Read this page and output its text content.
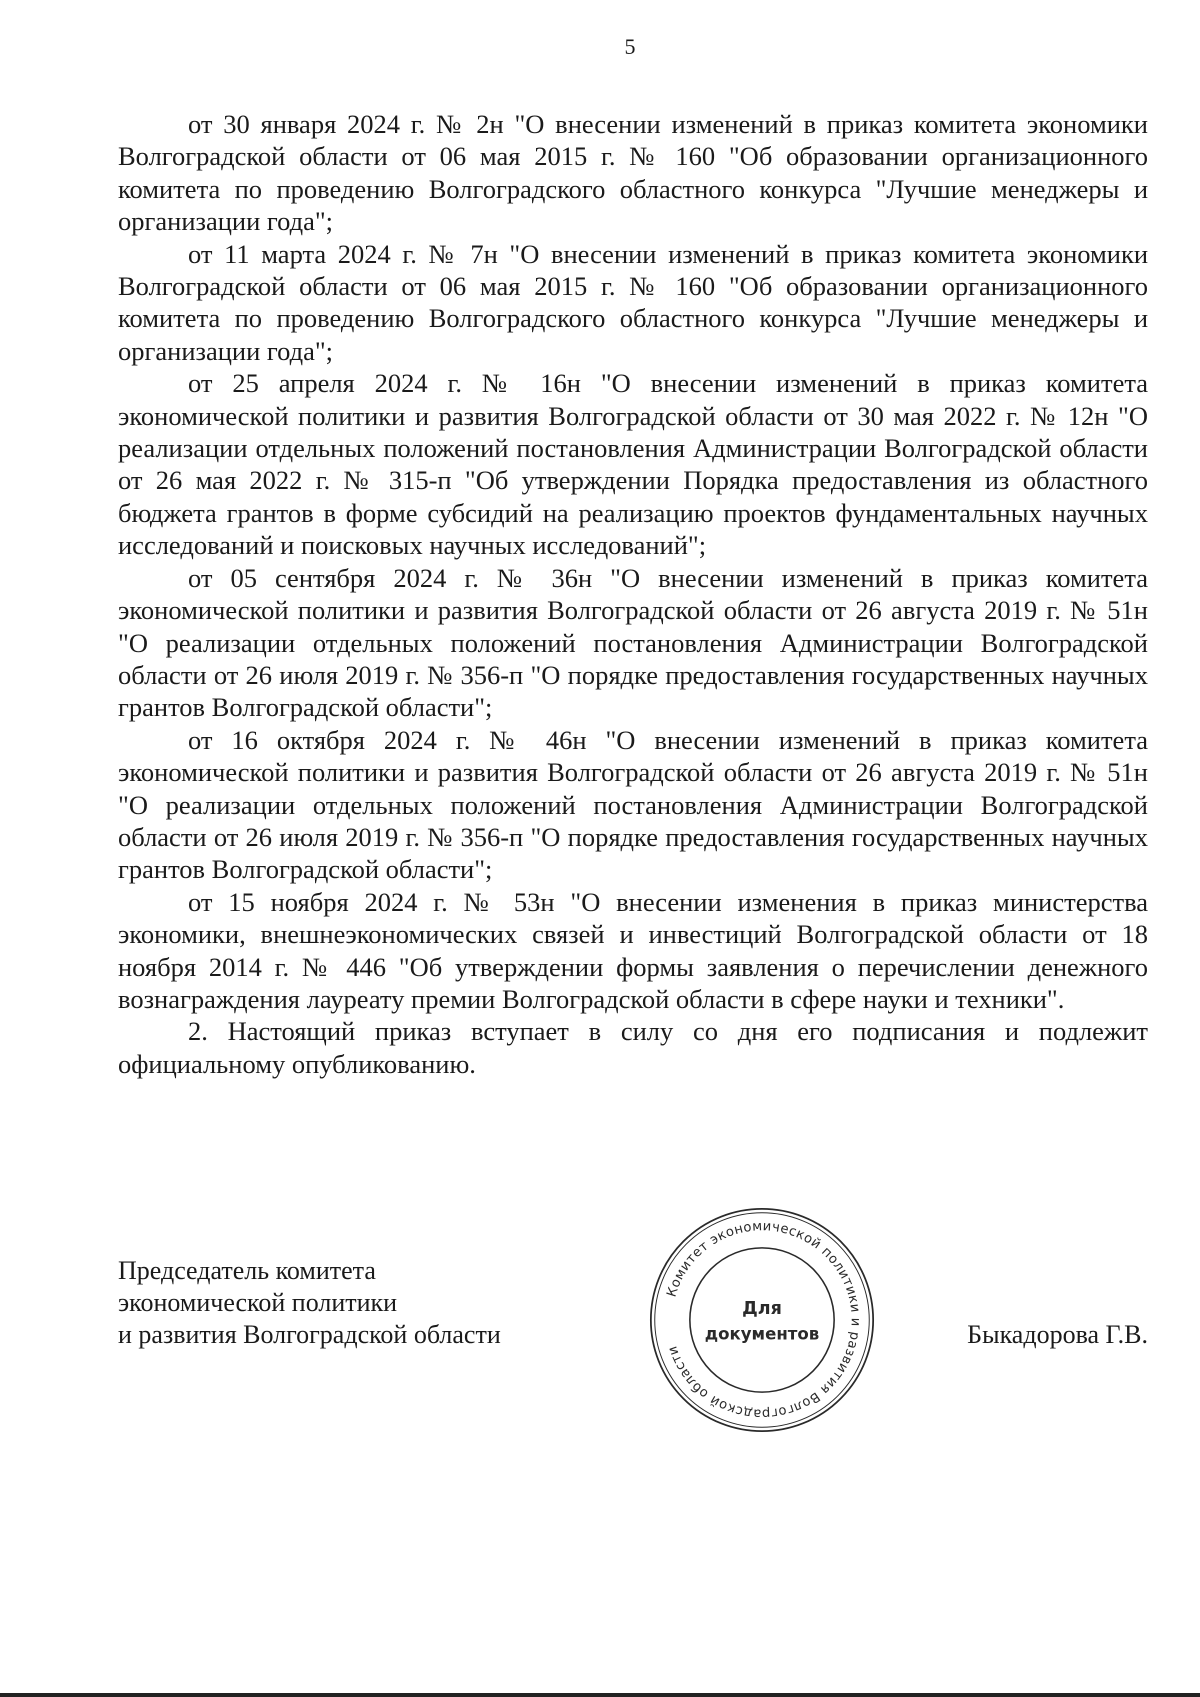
5

от 30 января 2024 г. № 2н "О внесении изменений в приказ комитета экономики Волгоградской области от 06 мая 2015 г. № 160 "Об образовании организационного комитета по проведению Волгоградского областного конкурса "Лучшие менеджеры и организации года";

от 11 марта 2024 г. № 7н "О внесении изменений в приказ комитета экономики Волгоградской области от 06 мая 2015 г. № 160 "Об образовании организационного комитета по проведению Волгоградского областного конкурса "Лучшие менеджеры и организации года";

от 25 апреля 2024 г. № 16н "О внесении изменений в приказ комитета экономической политики и развития Волгоградской области от 30 мая 2022 г. № 12н "О реализации отдельных положений постановления Администрации Волгоградской области от 26 мая 2022 г. № 315-п "Об утверждении Порядка предоставления из областного бюджета грантов в форме субсидий на реализацию проектов фундаментальных научных исследований и поисковых научных исследований";

от 05 сентября 2024 г. № 36н "О внесении изменений в приказ комитета экономической политики и развития Волгоградской области от 26 августа 2019 г. № 51н "О реализации отдельных положений постановления Администрации Волгоградской области от 26 июля 2019 г. № 356-п "О порядке предоставления государственных научных грантов Волгоградской области";

от 16 октября 2024 г. № 46н "О внесении изменений в приказ комитета экономической политики и развития Волгоградской области от 26 августа 2019 г. № 51н "О реализации отдельных положений постановления Администрации Волгоградской области от 26 июля 2019 г. № 356-п "О порядке предоставления государственных научных грантов Волгоградской области";

от 15 ноября 2024 г. № 53н "О внесении изменения в приказ министерства экономики, внешнеэкономических связей и инвестиций Волгоградской области от 18 ноября 2014 г. № 446 "Об утверждении формы заявления о перечислении денежного вознаграждения лауреату премии Волгоградской области в сфере науки и техники".

2. Настоящий приказ вступает в силу со дня его подписания и подлежит официальному опубликованию.

Председатель комитета
экономической политики
и развития Волгоградской области
Комитет экономической политики и развития Волгоградской области
Для
документов	Быкадорова Г.В.
